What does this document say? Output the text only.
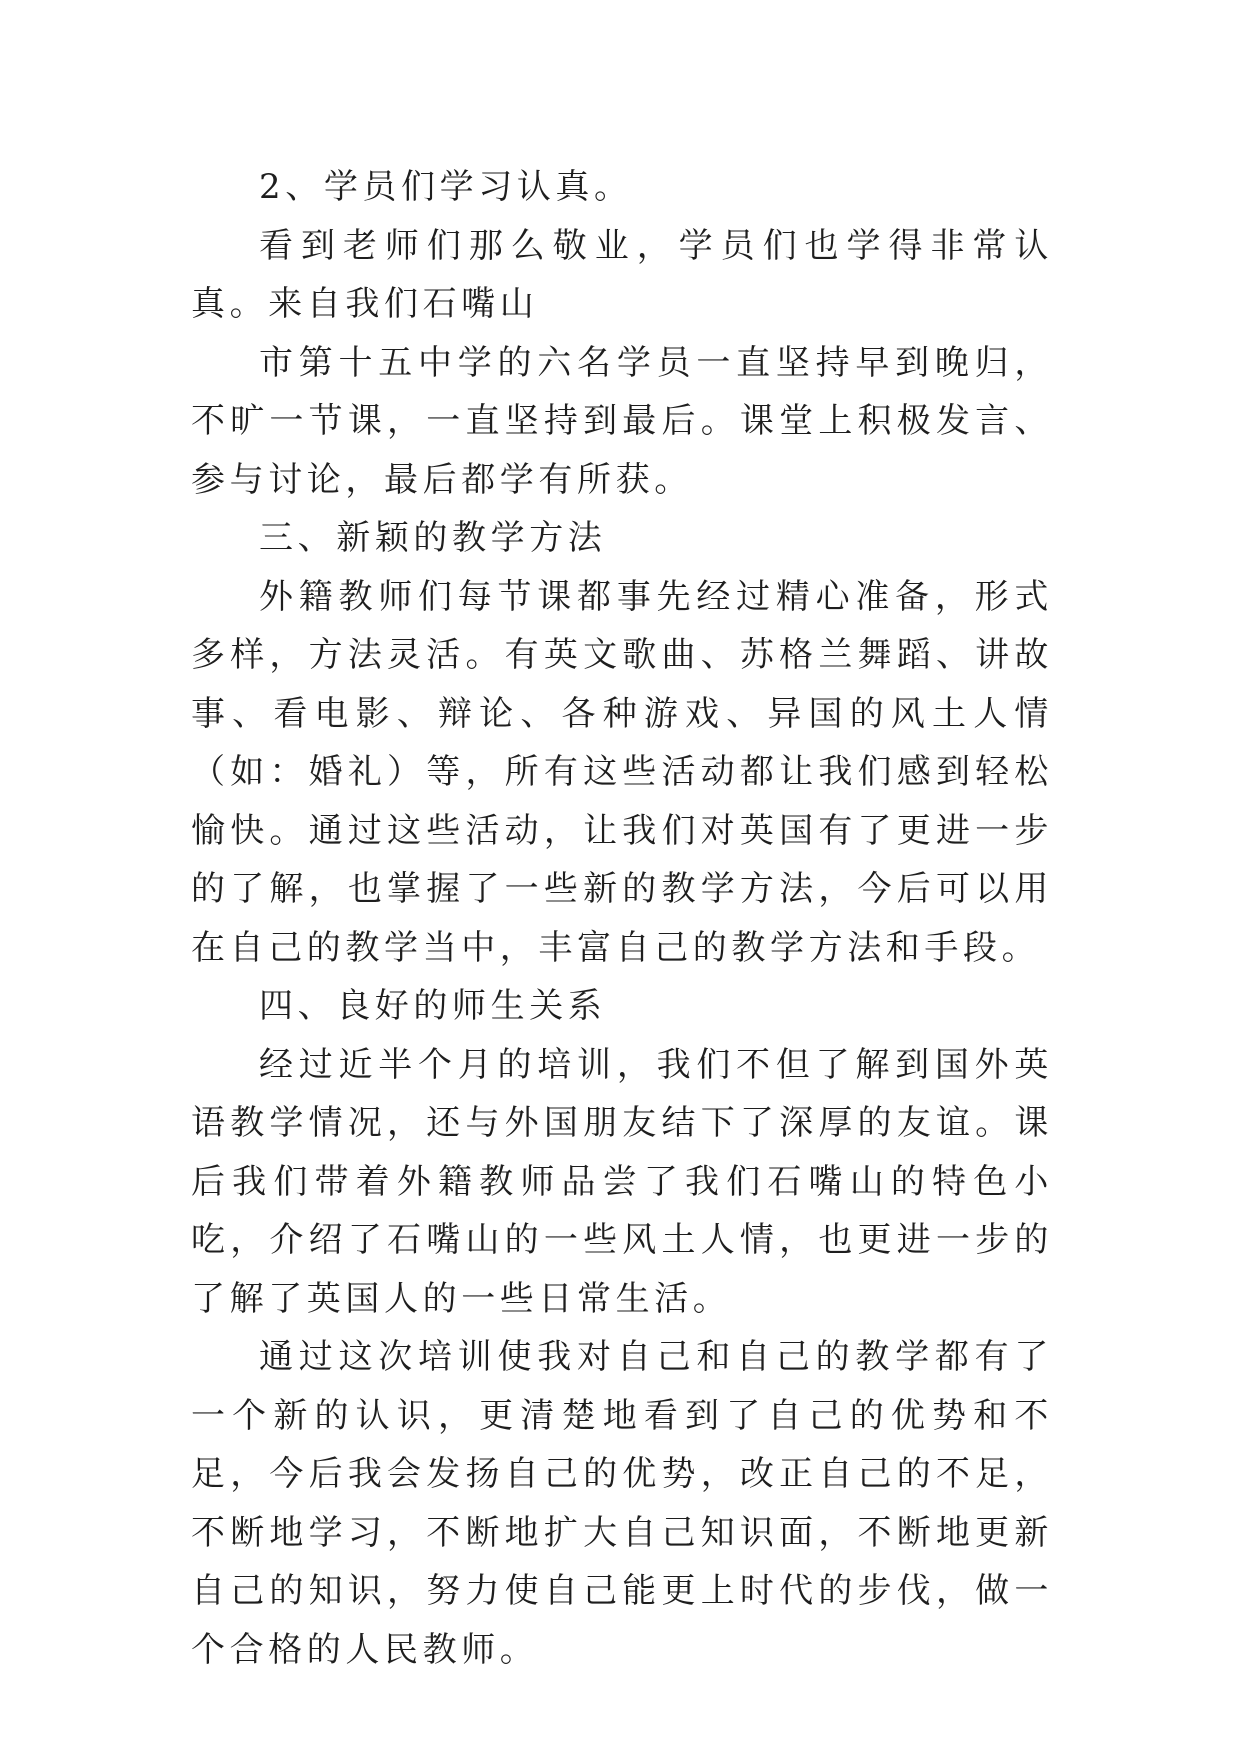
2、学员们学习认真。

看到老师们那么敬业，学员们也学得非常认真。来自我们石嘴山

市第十五中学的六名学员一直坚持早到晚归，不旷一节课，一直坚持到最后。课堂上积极发言、参与讨论，最后都学有所获。

三、新颖的教学方法

外籍教师们每节课都事先经过精心准备，形式多样，方法灵活。有英文歌曲、苏格兰舞蹈、讲故事、看电影、辩论、各种游戏、异国的风土人情（如：婚礼）等，所有这些活动都让我们感到轻松愉快。通过这些活动，让我们对英国有了更进一步的了解，也掌握了一些新的教学方法，今后可以用在自己的教学当中，丰富自己的教学方法和手段。

四、良好的师生关系

经过近半个月的培训，我们不但了解到国外英语教学情况，还与外国朋友结下了深厚的友谊。课后我们带着外籍教师品尝了我们石嘴山的特色小吃，介绍了石嘴山的一些风土人情，也更进一步的了解了英国人的一些日常生活。

通过这次培训使我对自己和自己的教学都有了一个新的认识，更清楚地看到了自己的优势和不足，今后我会发扬自己的优势，改正自己的不足，不断地学习，不断地扩大自己知识面，不断地更新自己的知识，努力使自己能更上时代的步伐，做一个合格的人民教师。
